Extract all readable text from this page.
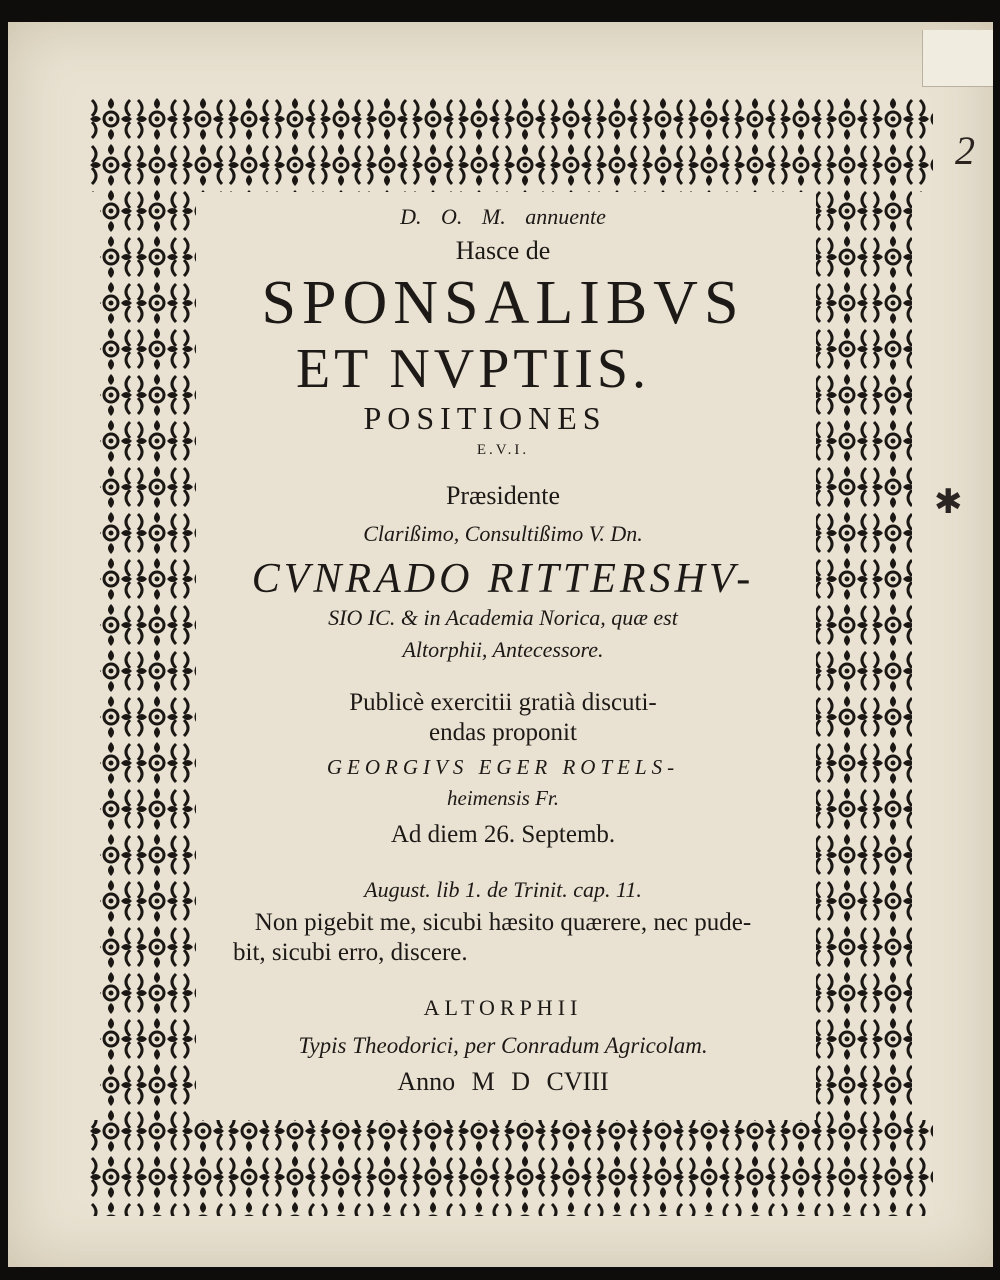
2
✱
D. O. M. annuente
Hasce de
SPONSALIBVS
ET NVPTIIS.
POSITIONES
E.V.I.
Præsidente
Clarißimo, Consultißimo V. Dn.
CVNRADO RITTERSHV-
SIO IC. & in Academia Norica, quæ est
Altorphii, Antecessore.
Publicè exercitii gratià discuti-
endas proponit
GEORGIVS EGER ROTELS-
heimensis Fr.
Ad diem 26. Septemb.
August. lib 1. de Trinit. cap. 11.
Non pigebit me, sicubi hæsito quærere, nec pude-
bit, sicubi erro, discere.
ALTORPHII
Typis Theodorici, per Conradum Agricolam.
Anno M D CVIII
